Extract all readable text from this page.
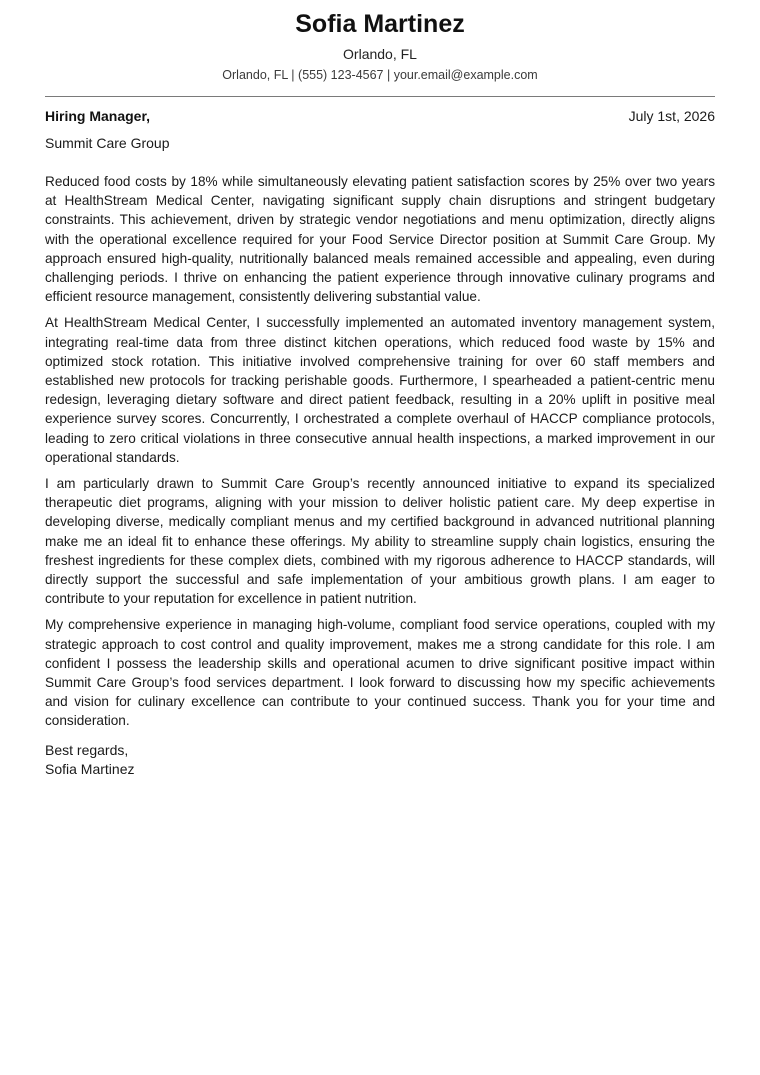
Sofia Martinez
Orlando, FL
Orlando, FL | (555) 123-4567 | your.email@example.com
Hiring Manager,	July 1st, 2026
Summit Care Group

Reduced food costs by 18% while simultaneously elevating patient satisfaction scores by 25% over two years at HealthStream Medical Center, navigating significant supply chain disruptions and stringent budgetary constraints. This achievement, driven by strategic vendor negotiations and menu optimization, directly aligns with the operational excellence required for your Food Service Director position at Summit Care Group. My approach ensured high-quality, nutritionally balanced meals remained accessible and appealing, even during challenging periods. I thrive on enhancing the patient experience through innovative culinary programs and efficient resource management, consistently delivering substantial value.

At HealthStream Medical Center, I successfully implemented an automated inventory management system, integrating real-time data from three distinct kitchen operations, which reduced food waste by 15% and optimized stock rotation. This initiative involved comprehensive training for over 60 staff members and established new protocols for tracking perishable goods. Furthermore, I spearheaded a patient-centric menu redesign, leveraging dietary software and direct patient feedback, resulting in a 20% uplift in positive meal experience survey scores. Concurrently, I orchestrated a complete overhaul of HACCP compliance protocols, leading to zero critical violations in three consecutive annual health inspections, a marked improvement in our operational standards.

I am particularly drawn to Summit Care Group’s recently announced initiative to expand its specialized therapeutic diet programs, aligning with your mission to deliver holistic patient care. My deep expertise in developing diverse, medically compliant menus and my certified background in advanced nutritional planning make me an ideal fit to enhance these offerings. My ability to streamline supply chain logistics, ensuring the freshest ingredients for these complex diets, combined with my rigorous adherence to HACCP standards, will directly support the successful and safe implementation of your ambitious growth plans. I am eager to contribute to your reputation for excellence in patient nutrition.

My comprehensive experience in managing high-volume, compliant food service operations, coupled with my strategic approach to cost control and quality improvement, makes me a strong candidate for this role. I am confident I possess the leadership skills and operational acumen to drive significant positive impact within Summit Care Group’s food services department. I look forward to discussing how my specific achievements and vision for culinary excellence can contribute to your continued success. Thank you for your time and consideration.

Best regards,
Sofia Martinez
